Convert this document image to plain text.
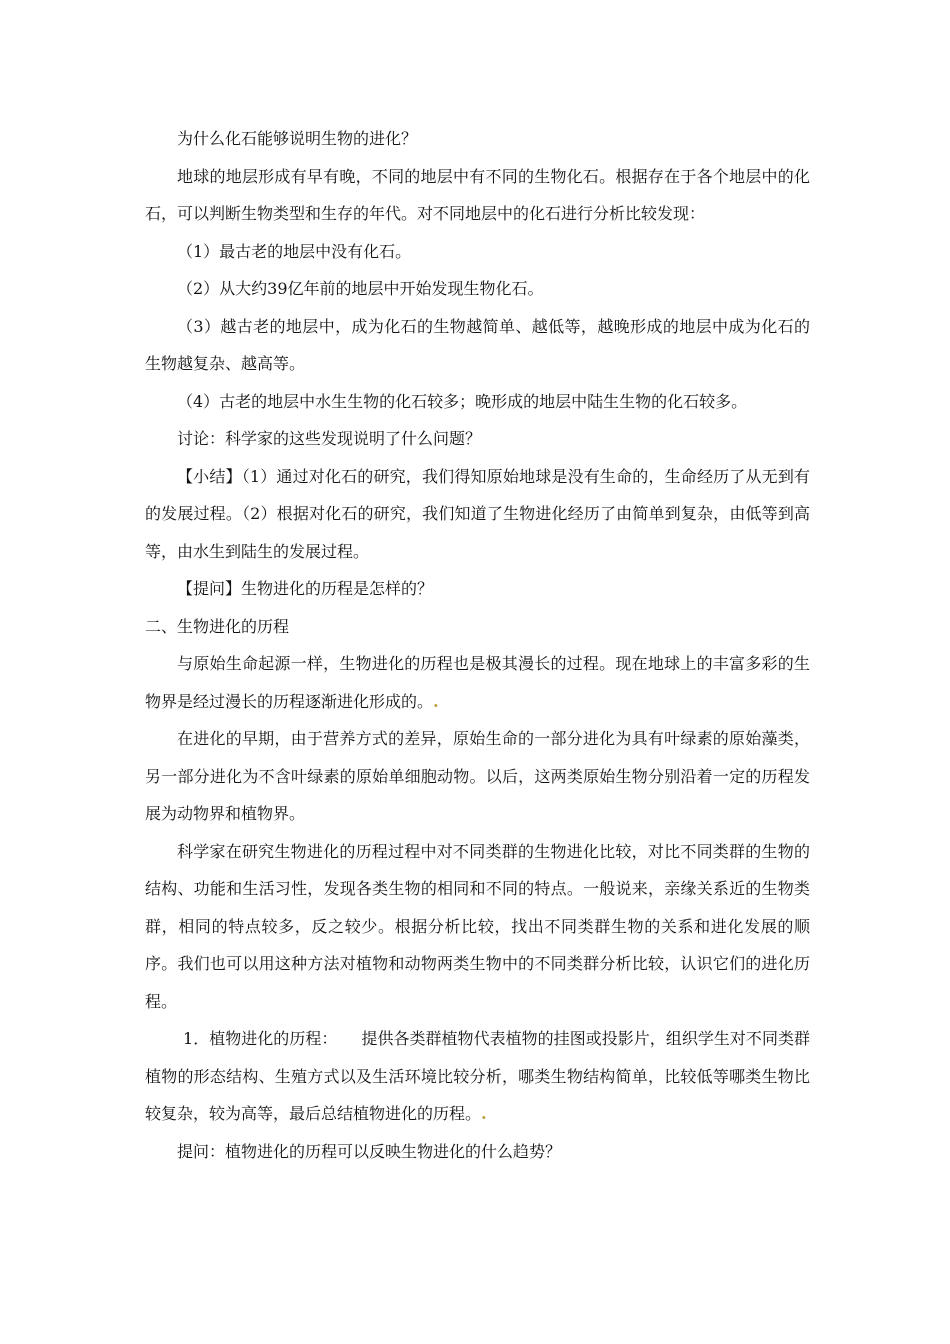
为什么化石能够说明生物的进化？

地球的地层形成有早有晚，不同的地层中有不同的生物化石。根据存在于各个地层中的化石，可以判断生物类型和生存的年代。对不同地层中的化石进行分析比较发现：

（1）最古老的地层中没有化石。

（2）从大约39亿年前的地层中开始发现生物化石。

（3）越古老的地层中，成为化石的生物越简单、越低等，越晚形成的地层中成为化石的生物越复杂、越高等。

（4）古老的地层中水生生物的化石较多；晚形成的地层中陆生生物的化石较多。

讨论：科学家的这些发现说明了什么问题？

【小结】（1）通过对化石的研究，我们得知原始地球是没有生命的，生命经历了从无到有的发展过程。（2）根据对化石的研究，我们知道了生物进化经历了由简单到复杂，由低等到高等，由水生到陆生的发展过程。

【提问】生物进化的历程是怎样的？

二、生物进化的历程

与原始生命起源一样，生物进化的历程也是极其漫长的过程。现在地球上的丰富多彩的生物界是经过漫长的历程逐渐进化形成的。.

在进化的早期，由于营养方式的差异，原始生命的一部分进化为具有叶绿素的原始藻类，另一部分进化为不含叶绿素的原始单细胞动物。以后，这两类原始生物分别沿着一定的历程发展为动物界和植物界。

科学家在研究生物进化的历程过程中对不同类群的生物进化比较，对比不同类群的生物的结构、功能和生活习性，发现各类生物的相同和不同的特点。一般说来，亲缘关系近的生物类群，相同的特点较多，反之较少。根据分析比较，找出不同类群生物的关系和进化发展的顺序。我们也可以用这种方法对植物和动物两类生物中的不同类群分析比较，认识它们的进化历程。

1．植物进化的历程：　　提供各类群植物代表植物的挂图或投影片，组织学生对不同类群植物的形态结构、生殖方式以及生活环境比较分析，哪类生物结构简单，比较低等哪类生物比较复杂，较为高等，最后总结植物进化的历程。.

提问：植物进化的历程可以反映生物进化的什么趋势？
